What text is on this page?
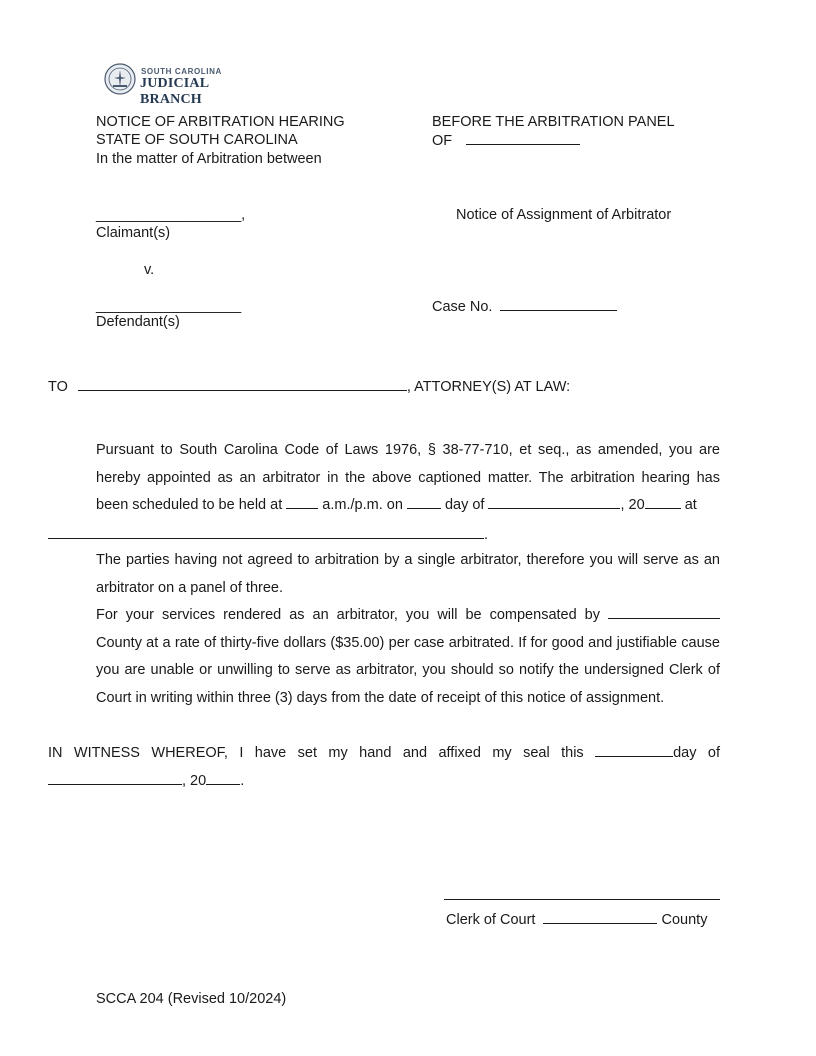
SOUTH CAROLINA
JUDICIAL BRANCH
NOTICE OF ARBITRATION HEARING
STATE OF SOUTH CAROLINA
In the matter of Arbitration between
BEFORE THE ARBITRATION PANEL
OF
__________________,
Claimant(s)
Notice of Assignment of Arbitrator
v.
__________________
Defendant(s)
Case No.
TO	, ATTORNEY(S) AT LAW:

Pursuant to South Carolina Code of Laws 1976, § 38-77-710, et seq., as amended, you are hereby appointed as an arbitrator in the above captioned matter. The arbitration hearing has been scheduled to be held at	a.m./p.m. on	day of	, 20	at

.

The parties having not agreed to arbitration by a single arbitrator, therefore you will serve as an arbitrator on a panel of three.

For your services rendered as an arbitrator, you will be compensated by  County at a rate of thirty-five dollars ($35.00) per case arbitrated. If for good and justifiable cause you are unable or unwilling to serve as arbitrator, you should so notify the undersigned Clerk of Court in writing within three (3) days from the date of receipt of this notice of assignment.

IN WITNESS WHEREOF, I have set my hand and affixed my seal this	day of , 20 .

Clerk of Court	County
SCCA 204 (Revised 10/2024)
